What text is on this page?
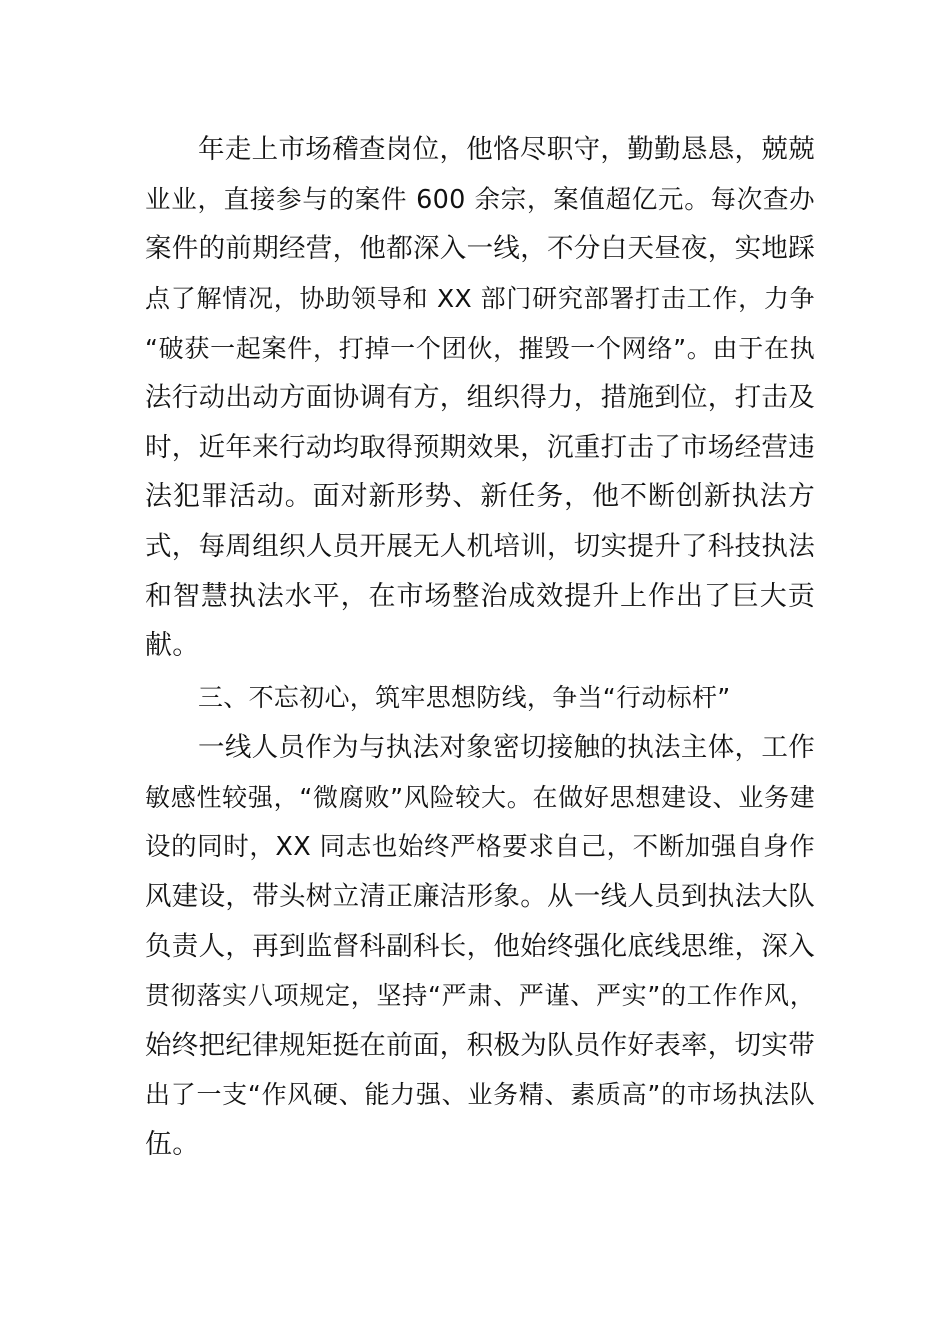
年走上市场稽查岗位，他恪尽职守，勤勤恳恳，兢兢
业业，直接参与的案件 600 余宗，案值超亿元。每次查办
案件的前期经营，他都深入一线，不分白天昼夜，实地踩
点了解情况，协助领导和 XX 部门研究部署打击工作，力争
“破获一起案件，打掉一个团伙，摧毁一个网络”。由于在执
法行动出动方面协调有方，组织得力，措施到位，打击及
时，近年来行动均取得预期效果，沉重打击了市场经营违
法犯罪活动。面对新形势、新任务，他不断创新执法方
式，每周组织人员开展无人机培训，切实提升了科技执法
和智慧执法水平，在市场整治成效提升上作出了巨大贡
献。
三、不忘初心，筑牢思想防线，争当“行动标杆”
一线人员作为与执法对象密切接触的执法主体，工作
敏感性较强，“微腐败”风险较大。在做好思想建设、业务建
设的同时，XX 同志也始终严格要求自己，不断加强自身作
风建设，带头树立清正廉洁形象。从一线人员到执法大队
负责人，再到监督科副科长，他始终强化底线思维，深入
贯彻落实八项规定，坚持“严肃、严谨、严实”的工作作风，
始终把纪律规矩挺在前面，积极为队员作好表率，切实带
出了一支“作风硬、能力强、业务精、素质高”的市场执法队
伍。
